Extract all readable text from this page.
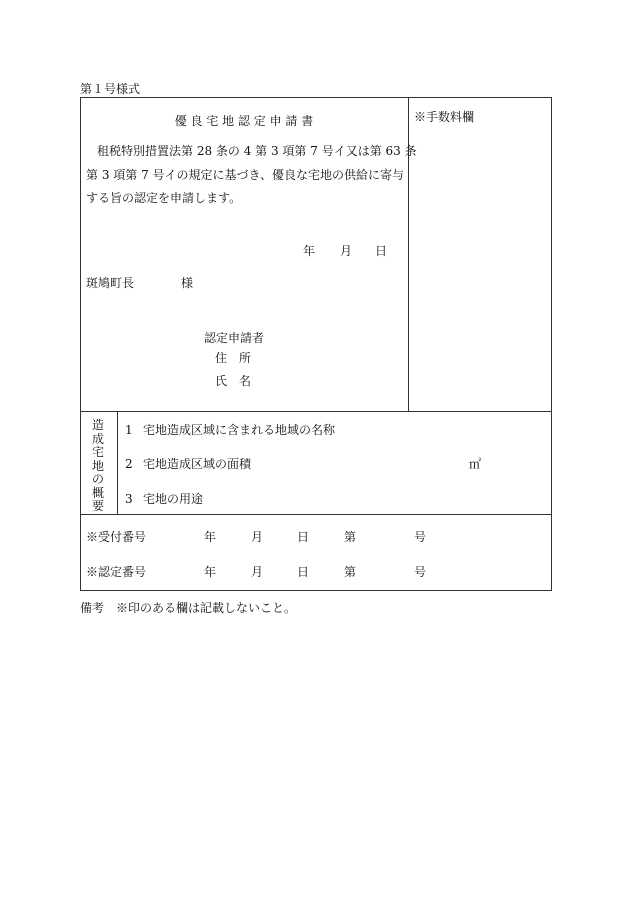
第１号様式
優 良 宅 地 認 定 申 請 書	※手数料欄
租税特別措置法第 28 条の 4 第 3 項第 7 号イ又は第 63 条
第 3 項第 7 号イの規定に基づき、優良な宅地の供給に寄与
する旨の認定を申請します。
年 月 日
斑鳩町長	様
認定申請者
住　所
氏　名
造成宅地の概要
1 宅地造成区域に含まれる地域の名称
2 宅地造成区域の面積	㎡
3 宅地の用途
※受付番号	年	月	日	第	号
※認定番号	年	月	日	第	号
備考　※印のある欄は記載しないこと。
